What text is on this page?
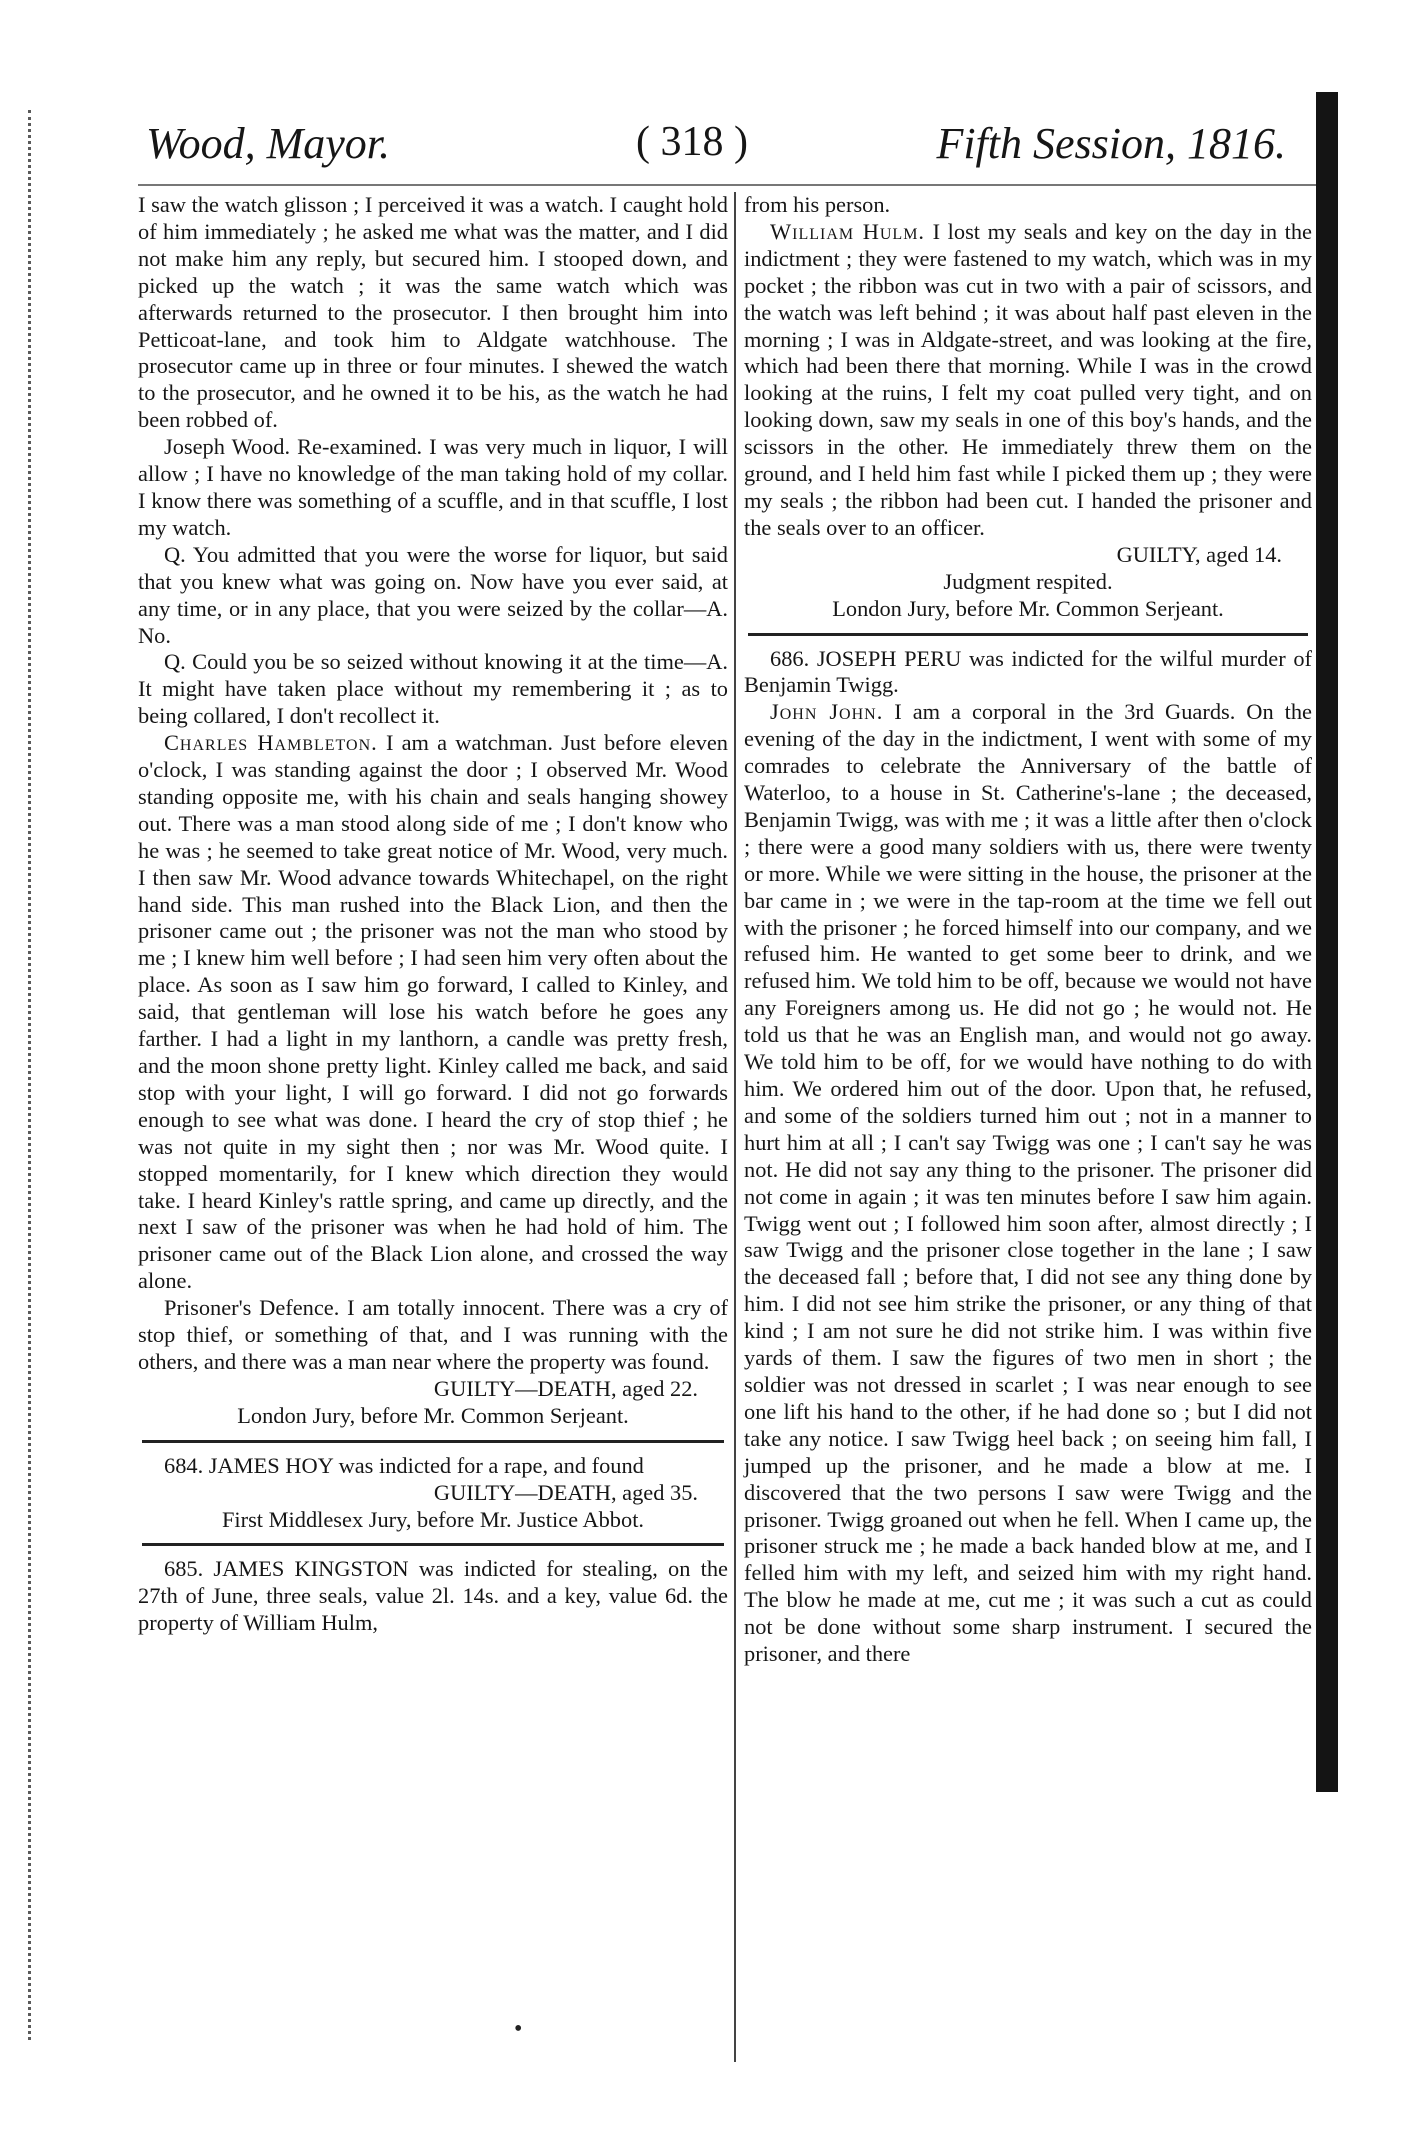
Wood, Mayor.	( 318 )	Fifth Session, 1816.

I saw the watch glisson ; I perceived it was a watch. I caught hold of him immediately ; he asked me what was the matter, and I did not make him any reply, but secured him. I stooped down, and picked up the watch ; it was the same watch which was afterwards returned to the prosecutor. I then brought him into Petticoat-lane, and took him to Aldgate watchhouse. The prosecutor came up in three or four minutes. I shewed the watch to the prosecutor, and he owned it to be his, as the watch he had been robbed of.

Joseph Wood. Re-examined. I was very much in liquor, I will allow ; I have no knowledge of the man taking hold of my collar. I know there was something of a scuffle, and in that scuffle, I lost my watch.

Q. You admitted that you were the worse for liquor, but said that you knew what was going on. Now have you ever said, at any time, or in any place, that you were seized by the collar—A. No.

Q. Could you be so seized without knowing it at the time—A. It might have taken place without my remembering it ; as to being collared, I don't recollect it.

Charles Hambleton. I am a watchman. Just before eleven o'clock, I was standing against the door ; I observed Mr. Wood standing opposite me, with his chain and seals hanging showey out. There was a man stood along side of me ; I don't know who he was ; he seemed to take great notice of Mr. Wood, very much. I then saw Mr. Wood advance towards Whitechapel, on the right hand side. This man rushed into the Black Lion, and then the prisoner came out ; the prisoner was not the man who stood by me ; I knew him well before ; I had seen him very often about the place. As soon as I saw him go forward, I called to Kinley, and said, that gentleman will lose his watch before he goes any farther. I had a light in my lanthorn, a candle was pretty fresh, and the moon shone pretty light. Kinley called me back, and said stop with your light, I will go forward. I did not go forwards enough to see what was done. I heard the cry of stop thief ; he was not quite in my sight then ; nor was Mr. Wood quite. I stopped momentarily, for I knew which direction they would take. I heard Kinley's rattle spring, and came up directly, and the next I saw of the prisoner was when he had hold of him. The prisoner came out of the Black Lion alone, and crossed the way alone.

Prisoner's Defence. I am totally innocent. There was a cry of stop thief, or something of that, and I was running with the others, and there was a man near where the property was found.

GUILTY—DEATH, aged 22.

London Jury, before Mr. Common Serjeant.

684. JAMES HOY was indicted for a rape, and found

GUILTY—DEATH, aged 35.

First Middlesex Jury, before Mr. Justice Abbot.

685. JAMES KINGSTON was indicted for stealing, on the 27th of June, three seals, value 2l. 14s. and a key, value 6d. the property of William Hulm,

from his person.

William Hulm. I lost my seals and key on the day in the indictment ; they were fastened to my watch, which was in my pocket ; the ribbon was cut in two with a pair of scissors, and the watch was left behind ; it was about half past eleven in the morning ; I was in Aldgate-street, and was looking at the fire, which had been there that morning. While I was in the crowd looking at the ruins, I felt my coat pulled very tight, and on looking down, saw my seals in one of this boy's hands, and the scissors in the other. He immediately threw them on the ground, and I held him fast while I picked them up ; they were my seals ; the ribbon had been cut. I handed the prisoner and the seals over to an officer.

GUILTY, aged 14.

Judgment respited.

London Jury, before Mr. Common Serjeant.

686. JOSEPH PERU was indicted for the wilful murder of Benjamin Twigg.

John John. I am a corporal in the 3rd Guards. On the evening of the day in the indictment, I went with some of my comrades to celebrate the Anniversary of the battle of Waterloo, to a house in St. Catherine's-lane ; the deceased, Benjamin Twigg, was with me ; it was a little after then o'clock ; there were a good many soldiers with us, there were twenty or more. While we were sitting in the house, the prisoner at the bar came in ; we were in the tap-room at the time we fell out with the prisoner ; he forced himself into our company, and we refused him. He wanted to get some beer to drink, and we refused him. We told him to be off, because we would not have any Foreigners among us. He did not go ; he would not. He told us that he was an English man, and would not go away. We told him to be off, for we would have nothing to do with him. We ordered him out of the door. Upon that, he refused, and some of the soldiers turned him out ; not in a manner to hurt him at all ; I can't say Twigg was one ; I can't say he was not. He did not say any thing to the prisoner. The prisoner did not come in again ; it was ten minutes before I saw him again. Twigg went out ; I followed him soon after, almost directly ; I saw Twigg and the prisoner close together in the lane ; I saw the deceased fall ; before that, I did not see any thing done by him. I did not see him strike the prisoner, or any thing of that kind ; I am not sure he did not strike him. I was within five yards of them. I saw the figures of two men in short ; the soldier was not dressed in scarlet ; I was near enough to see one lift his hand to the other, if he had done so ; but I did not take any notice. I saw Twigg heel back ; on seeing him fall, I jumped up the prisoner, and he made a blow at me. I discovered that the two persons I saw were Twigg and the prisoner. Twigg groaned out when he fell. When I came up, the prisoner struck me ; he made a back handed blow at me, and I felled him with my left, and seized him with my right hand. The blow he made at me, cut me ; it was such a cut as could not be done without some sharp instrument. I secured the prisoner, and there

•
